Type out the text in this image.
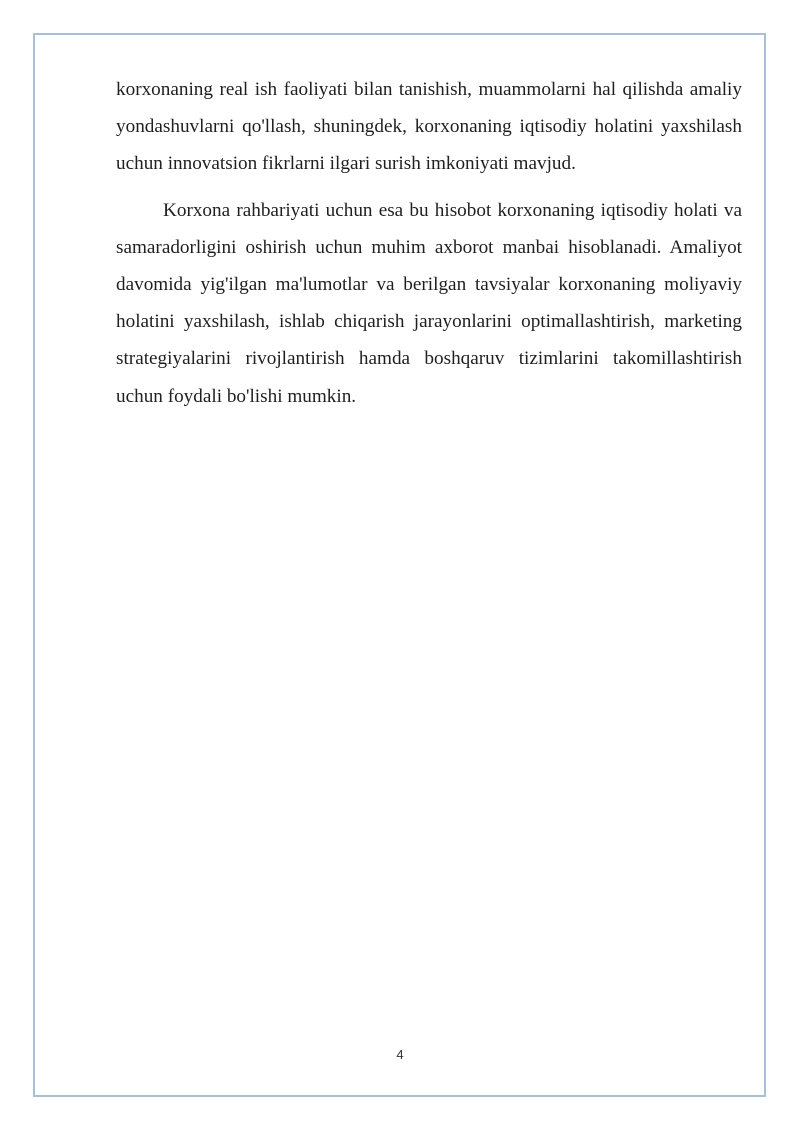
korxonaning real ish faoliyati bilan tanishish, muammolarni hal qilishda amaliy yondashuvlarni qo'llash, shuningdek, korxonaning iqtisodiy holatini yaxshilash uchun innovatsion fikrlarni ilgari surish imkoniyati mavjud.

Korxona rahbariyati uchun esa bu hisobot korxonaning iqtisodiy holati va samaradorligini oshirish uchun muhim axborot manbai hisoblanadi. Amaliyot davomida yig'ilgan ma'lumotlar va berilgan tavsiyalar korxonaning moliyaviy holatini yaxshilash, ishlab chiqarish jarayonlarini optimallashtirish, marketing strategiyalarini rivojlantirish hamda boshqaruv tizimlarini takomillashtirish uchun foydali bo'lishi mumkin.

4
